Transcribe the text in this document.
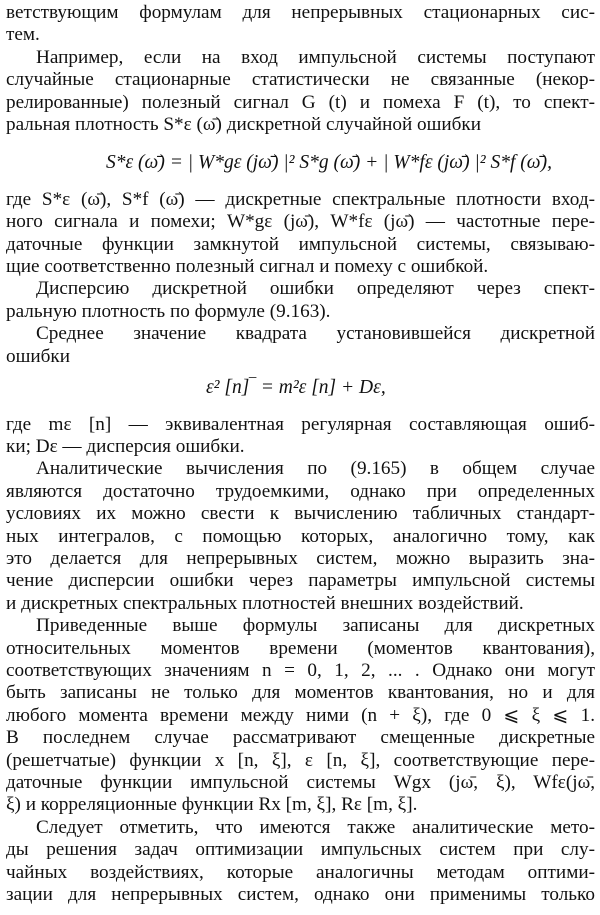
ветствующим формулам для непрерывных стационарных сис-
тем.
Например, если на вход импульсной системы поступают
случайные стационарные статистически не связанные (некор-
релированные) полезный сигнал G (t) и помеха F (t), то спект-
ральная плотность S*ε (ω̄) дискретной случайной ошибки
S*ε (ω̄) = | W*gε (jω̄) |² S*g (ω̄) + | W*fε (jω̄) |² S*f (ω̄),
где S*ε (ω̄), S*f (ω̄) — дискретные спектральные плотности вход-
ного сигнала и помехи; W*gε (jω̄), W*fε (jω̄) — частотные пере-
даточные функции замкнутой импульсной системы, связываю-
щие соответственно полезный сигнал и помеху с ошибкой.
Дисперсию дискретной ошибки определяют через спект-
ральную плотность по формуле (9.163).
Среднее значение квадрата установившейся дискретной
ошибки
ε² [n]‾ = m²ε [n] + Dε,
где mε [n] — эквивалентная регулярная составляющая ошиб-
ки; Dε — дисперсия ошибки.
Аналитические вычисления по (9.165) в общем случае
являются достаточно трудоемкими, однако при определенных
условиях их можно свести к вычислению табличных стандарт-
ных интегралов, с помощью которых, аналогично тому, как
это делается для непрерывных систем, можно выразить зна-
чение дисперсии ошибки через параметры импульсной системы
и дискретных спектральных плотностей внешних воздействий.
Приведенные выше формулы записаны для дискретных
относительных моментов времени (моментов квантования),
соответствующих значениям n = 0, 1, 2, ... . Однако они могут
быть записаны не только для моментов квантования, но и для
любого момента времени между ними (n + ξ), где 0 ⩽ ξ ⩽ 1.
В последнем случае рассматривают смещенные дискретные
(решетчатые) функции x [n, ξ], ε [n, ξ], соответствующие пере-
даточные функции импульсной системы Wgx (jω̄, ξ), Wfε(jω̄,
ξ) и корреляционные функции Rx [m, ξ], Rε [m, ξ].
Следует отметить, что имеются также аналитические мето-
ды решения задач оптимизации импульсных систем при слу-
чайных воздействиях, которые аналогичны методам оптими-
зации для непрерывных систем, однако они применимы только
